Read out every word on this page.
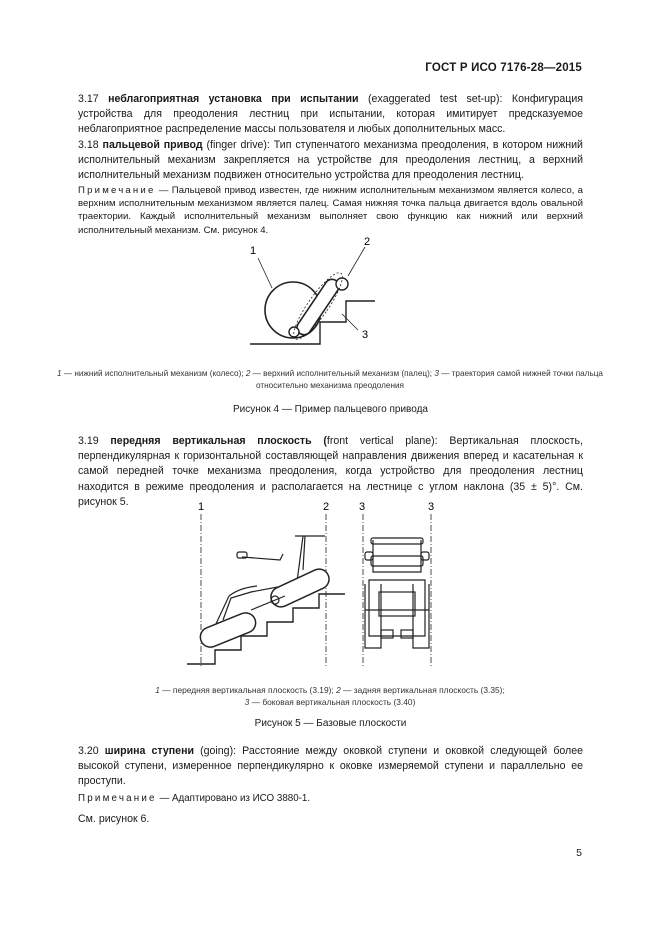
ГОСТ Р ИСО 7176-28—2015
3.17 неблагоприятная установка при испытании (exaggerated test set-up): Конфигурация устройства для преодоления лестниц при испытании, которая имитирует предсказуемое неблагоприятное распределение массы пользователя и любых дополнительных масс.
3.18 пальцевой привод (finger drive): Тип ступенчатого механизма преодоления, в котором нижний исполнительный механизм закрепляется на устройстве для преодоления лестниц, а верхний исполнительный механизм подвижен относительно устройства для преодоления лестниц.
Примечание — Пальцевой привод известен, где нижним исполнительным механизмом является колесо, а верхним исполнительным механизмом является палец. Самая нижняя точка пальца двигается вдоль овальной траектории. Каждый исполнительный механизм выполняет свою функцию как нижний или верхний исполнительный механизм. См. рисунок 4.
1
2
3
1 — нижний исполнительный механизм (колесо); 2 — верхний исполнительный механизм (палец); 3 — траектория самой нижней точки пальца относительно механизма преодоления
Рисунок 4 — Пример пальцевого привода
3.19 передняя вертикальная плоскость (front vertical plane): Вертикальная плоскость, перпендикулярная к горизонтальной составляющей направления движения вперед и касательная к самой передней точке механизма преодоления, когда устройство для преодоления лестниц находится в режиме преодоления и располагается на лестнице с углом наклона (35 ± 5)°. См. рисунок 5.	1	2	3	3
1 — передняя вертикальная плоскость (3.19); 2 — задняя вертикальная плоскость (3.35);
3 — боковая вертикальная плоскость (3.40)
Рисунок 5 — Базовые плоскости
3.20 ширина ступени (going): Расстояние между оковкой ступени и оковкой следующей более высокой ступени, измеренное перпендикулярно к оковке измеряемой ступени и параллельно ее проступи.
Примечание — Адаптировано из ИСО 3880-1.
См. рисунок 6.
5
